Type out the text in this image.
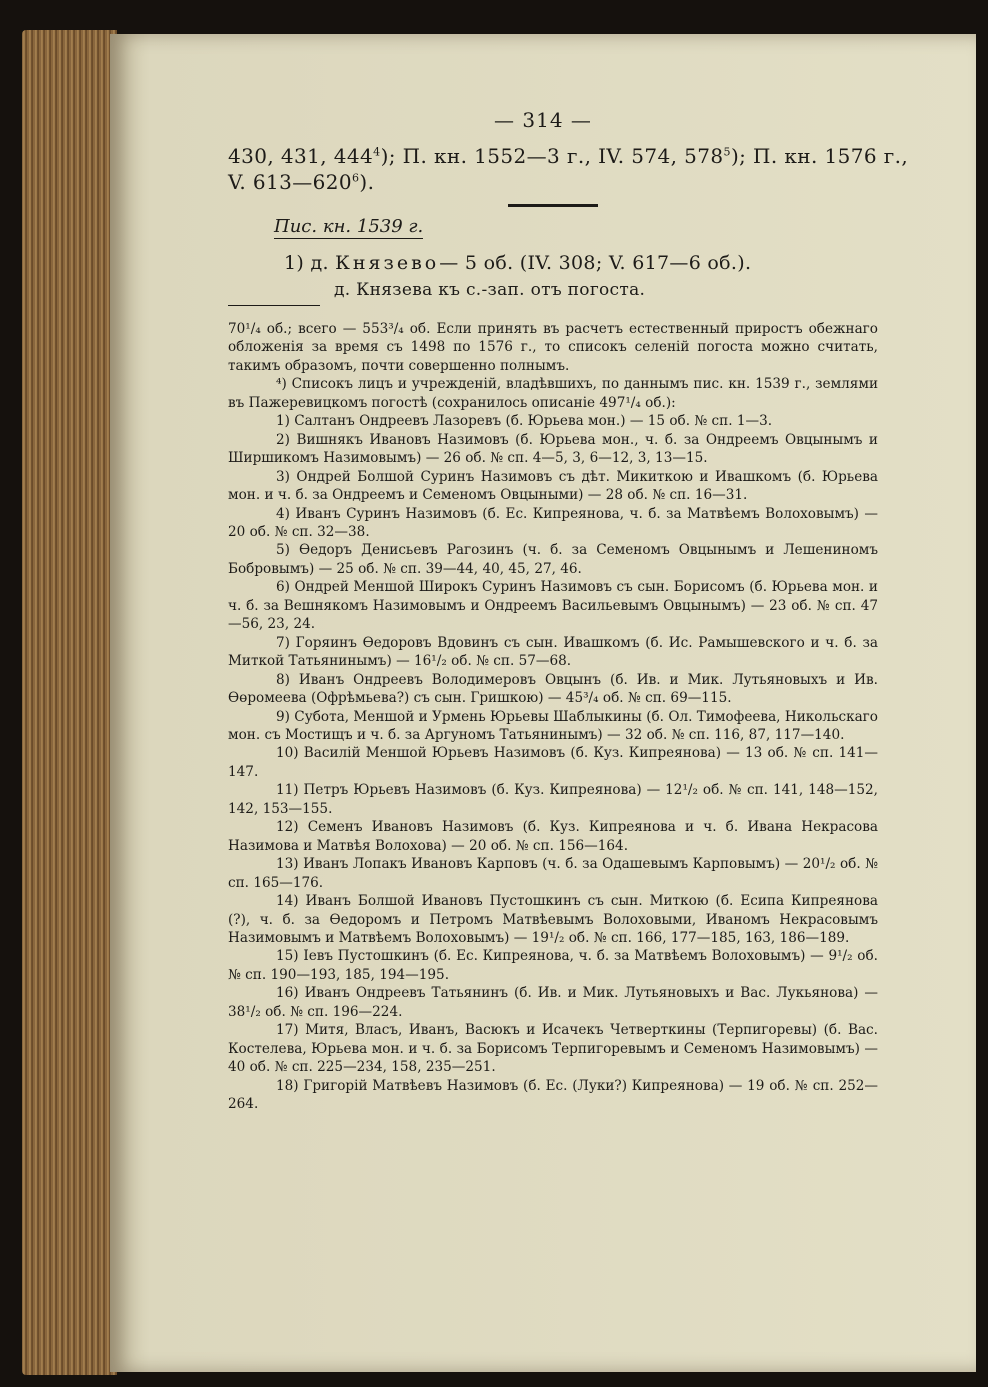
— 314 —
430, 431, $444^4$); П. кн. 1552—3 г., IV. 574, $578^5$); П. кн. 1576 г.,
V. $613—620^6$).
Пис. кн. 1539 г.
1) д. Князево— 5 об. (IV. 308; V. 617—6 об.).
д. Князева къ с.-зап. отъ погоста.

70¹/₄ об.; всего — 553³/₄ об. Если принять въ расчетъ естественный приростъ обежнаго обложенія за время съ 1498 по 1576 г., то списокъ селеній погоста можно считать, такимъ образомъ, почти совершенно полнымъ.

⁴) Списокъ лицъ и учрежденій, владѣвшихъ, по даннымъ пис. кн. 1539 г., землями въ Пажеревицкомъ погостѣ (сохранилось описаніе 497¹/₄ об.):

1) Салтанъ Ондреевъ Лазоревъ (б. Юрьева мон.) — 15 об. № сп. 1—3.

2) Вишнякъ Ивановъ Назимовъ (б. Юрьева мон., ч. б. за Ондреемъ Овцынымъ и Ширшикомъ Назимовымъ) — 26 об. № сп. 4—5, 3, 6—12, 3, 13—15.

3) Ондрей Болшой Суринъ Назимовъ съ дѣт. Микиткою и Ивашкомъ (б. Юрьева мон. и ч. б. за Ондреемъ и Семеномъ Овцыными) — 28 об. № сп. 16—31.

4) Иванъ Суринъ Назимовъ (б. Ес. Кипреянова, ч. б. за Матвѣемъ Волоховымъ) — 20 об. № сп. 32—38.

5) Өедоръ Денисьевъ Рагозинъ (ч. б. за Семеномъ Овцынымъ и Лешениномъ Бобровымъ) — 25 об. № сп. 39—44, 40, 45, 27, 46.

6) Ондрей Меншой Широкъ Суринъ Назимовъ съ сын. Борисомъ (б. Юрьева мон. и ч. б. за Вешнякомъ Назимовымъ и Ондреемъ Васильевымъ Овцынымъ) — 23 об. № сп. 47—56, 23, 24.

7) Горяинъ Өедоровъ Вдовинъ съ сын. Ивашкомъ (б. Ис. Рамышевского и ч. б. за Миткой Татьянинымъ) — 16¹/₂ об. № сп. 57—68.

8) Иванъ Ондреевъ Володимеровъ Овцынъ (б. Ив. и Мик. Лутьяновыхъ и Ив. Өөромеева (Офрѣмьева?) съ сын. Гришкою) — 45³/₄ об. № сп. 69—115.

9) Субота, Меншой и Урмень Юрьевы Шаблыкины (б. Ол. Тимофеева, Никольскаго мон. съ Мостищъ и ч. б. за Аргуномъ Татьянинымъ) — 32 об. № сп. 116, 87, 117—140.

10) Василій Меншой Юрьевъ Назимовъ (б. Куз. Кипреянова) — 13 об. № сп. 141—147.

11) Петръ Юрьевъ Назимовъ (б. Куз. Кипреянова) — 12¹/₂ об. № сп. 141, 148—152, 142, 153—155.

12) Семенъ Ивановъ Назимовъ (б. Куз. Кипреянова и ч. б. Ивана Некрасова Назимова и Матвѣя Волохова) — 20 об. № сп. 156—164.

13) Иванъ Лопакъ Ивановъ Карповъ (ч. б. за Одашевымъ Карповымъ) — 20¹/₂ об. № сп. 165—176.

14) Иванъ Болшой Ивановъ Пустошкинъ съ сын. Миткою (б. Есипа Кипреянова (?), ч. б. за Өедоромъ и Петромъ Матвѣевымъ Волоховыми, Иваномъ Некрасовымъ Назимовымъ и Матвѣемъ Волоховымъ) — 19¹/₂ об. № сп. 166, 177—185, 163, 186—189.

15) Іевъ Пустошкинъ (б. Ес. Кипреянова, ч. б. за Матвѣемъ Волоховымъ) — 9¹/₂ об. № сп. 190—193, 185, 194—195.

16) Иванъ Ондреевъ Татьянинъ (б. Ив. и Мик. Лутьяновыхъ и Вас. Лукьянова) — 38¹/₂ об. № сп. 196—224.

17) Митя, Власъ, Иванъ, Васюкъ и Исачекъ Четверткины (Терпигоревы) (б. Вас. Костелева, Юрьева мон. и ч. б. за Борисомъ Терпигоревымъ и Семеномъ Назимовымъ) — 40 об. № сп. 225—234, 158, 235—251.

18) Григорій Матвѣевъ Назимовъ (б. Ес. (Луки?) Кипреянова) — 19 об. № сп. 252—264.
